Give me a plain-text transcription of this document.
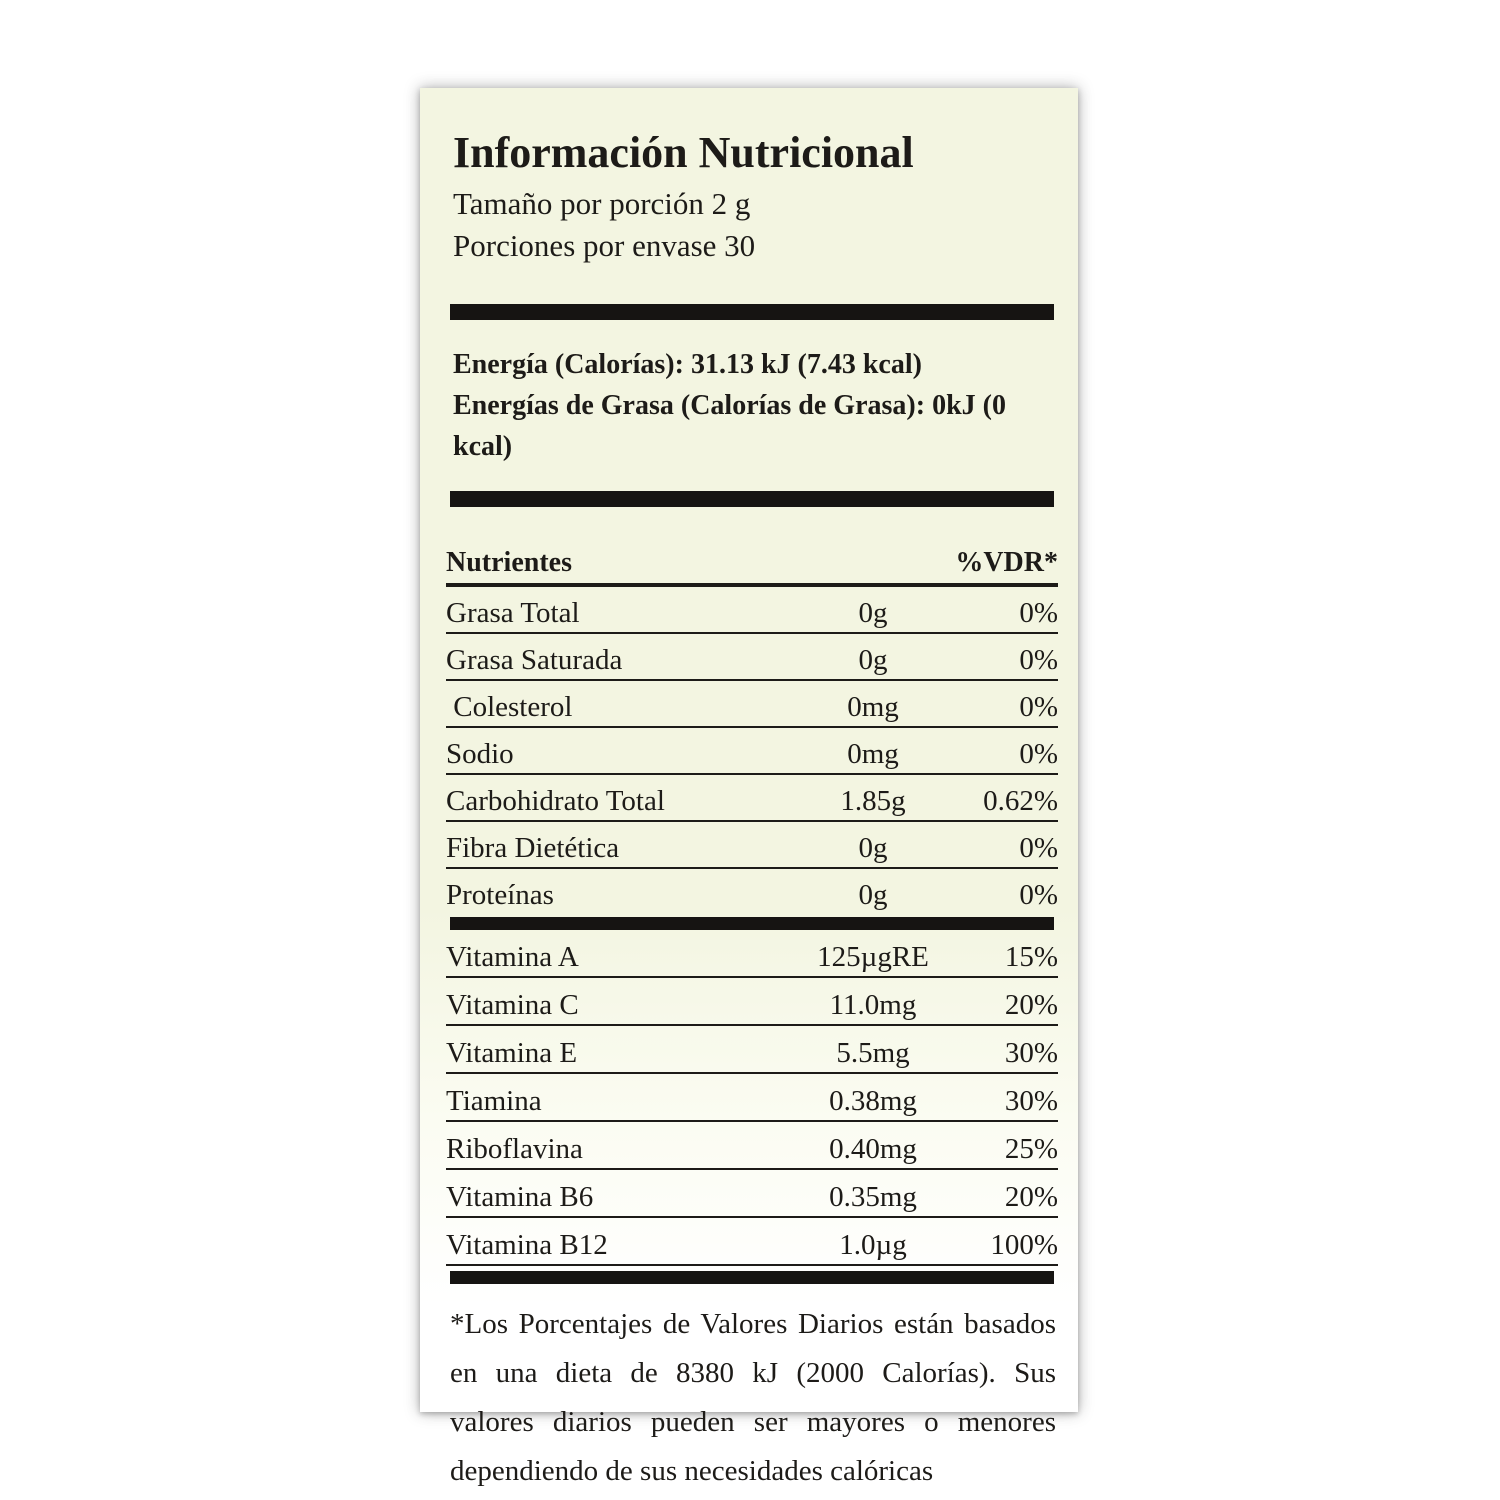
Información Nutricional
Tamaño por porción 2 g
Porciones por envase 30
Energía (Calorías): 31.13 kJ (7.43 kcal)
Energías de Grasa (Calorías de Grasa): 0kJ (0 kcal)
Nutrientes	%VDR*
Grasa Total	0g	0%
Grasa Saturada	0g	0%
Colesterol	0mg	0%
Sodio	0mg	0%
Carbohidrato Total	1.85g	0.62%
Fibra Dietética	0g	0%
Proteínas	0g	0%
Vitamina A	125µgRE	15%
Vitamina C	11.0mg	20%
Vitamina E	5.5mg	30%
Tiamina	0.38mg	30%
Riboflavina	0.40mg	25%
Vitamina B6	0.35mg	20%
Vitamina B12	1.0µg	100%
*Los Porcentajes de Valores Diarios están basados en una dieta de 8380 kJ (2000 Calorías). Sus valores diarios pueden ser mayores o menores dependiendo de sus necesidades calóricas
